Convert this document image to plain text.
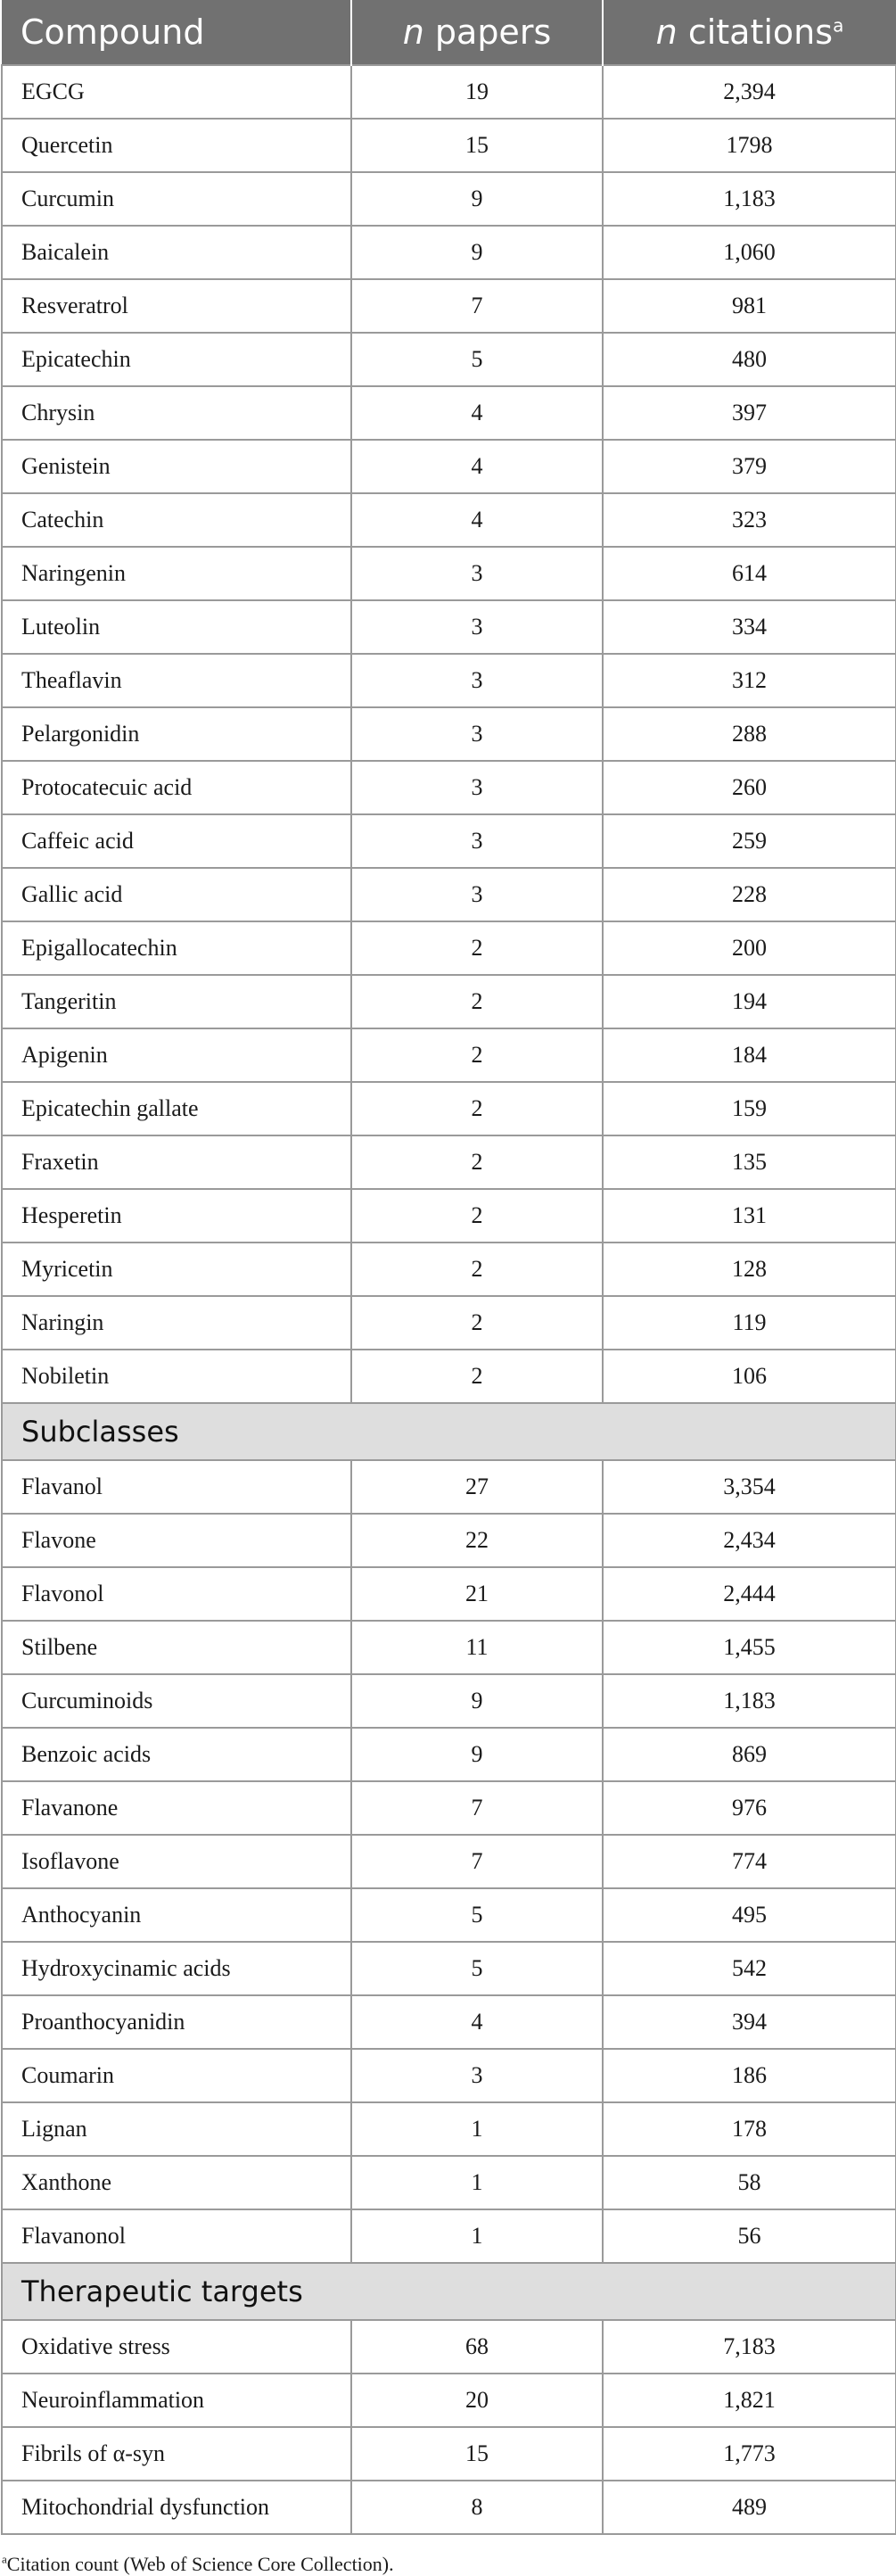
Compound	n papers	n citations$^a$
EGCG	19	2,394
Quercetin	15	1798
Curcumin	9	1,183
Baicalein	9	1,060
Resveratrol	7	981
Epicatechin	5	480
Chrysin	4	397
Genistein	4	379
Catechin	4	323
Naringenin	3	614
Luteolin	3	334
Theaflavin	3	312
Pelargonidin	3	288
Protocatecuic acid	3	260
Caffeic acid	3	259
Gallic acid	3	228
Epigallocatechin	2	200
Tangeritin	2	194
Apigenin	2	184
Epicatechin gallate	2	159
Fraxetin	2	135
Hesperetin	2	131
Myricetin	2	128
Naringin	2	119
Nobiletin	2	106
Subclasses		
Flavanol	27	3,354
Flavone	22	2,434
Flavonol	21	2,444
Stilbene	11	1,455
Curcuminoids	9	1,183
Benzoic acids	9	869
Flavanone	7	976
Isoflavone	7	774
Anthocyanin	5	495
Hydroxycinamic acids	5	542
Proanthocyanidin	4	394
Coumarin	3	186
Lignan	1	178
Xanthone	1	58
Flavanonol	1	56
Therapeutic targets		
Oxidative stress	68	7,183
Neuroinflammation	20	1,821
Fibrils of α-syn	15	1,773
Mitochondrial dysfunction	8	489
$^a$Citation count (Web of Science Core Collection).
